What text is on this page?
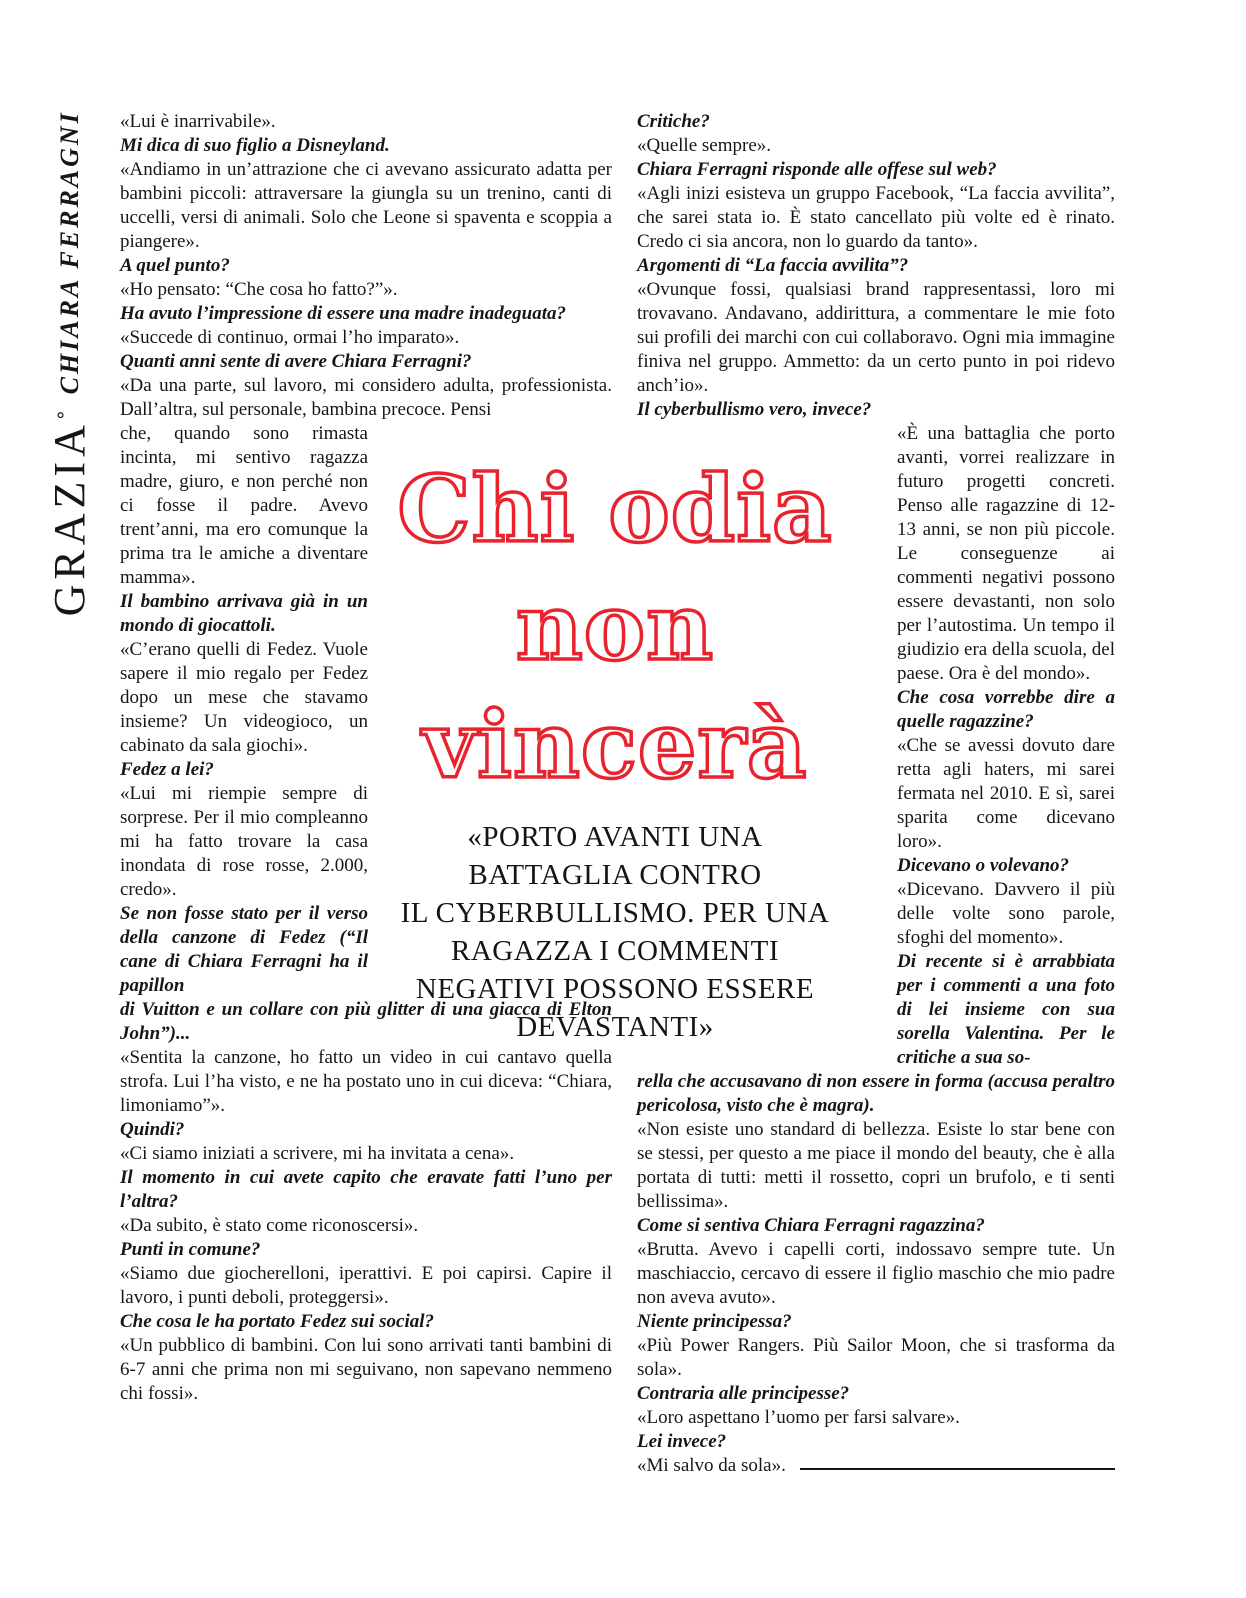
GRAZIA˚CHIARA FERRAGNI	«Lui è inarrivabile».

Mi dica di suo figlio a Disneyland.

«Andiamo in un’attrazione che ci avevano assicurato adatta per bambini piccoli: attraversare la giungla su un trenino, canti di uccelli, versi di animali. Solo che Leone si spaventa e scoppia a piangere».

A quel punto?

«Ho pensato: “Che cosa ho fatto?”».

Ha avuto l’impressione di essere una madre inadeguata?

«Succede di continuo, ormai l’ho imparato».

Quanti anni sente di avere Chiara Ferragni?

«Da una parte, sul lavoro, mi considero adulta, professionista. Dall’altra, sul personale, bambina precoce. Pensi

che, quando sono rimasta incinta, mi sentivo ragazza madre, giuro, e non perché non ci fosse il padre. Avevo trent’anni, ma ero comunque la prima tra le amiche a diventare mamma».

Il bambino arrivava già in un mondo di giocattoli.

«C’erano quelli di Fedez. Vuole sapere il mio regalo per Fedez dopo un mese che stavamo insieme? Un videogioco, un cabinato da sala giochi».

Fedez a lei?

«Lui mi riempie sempre di sorprese. Per il mio compleanno mi ha fatto trovare la casa inondata di rose rosse, 2.000, credo».

Se non fosse stato per il verso della canzone di Fedez (“Il cane di Chiara Ferragni ha il papillon

di Vuitton e un collare con più glitter di una giacca di Elton John”)...

«Sentita la canzone, ho fatto un video in cui cantavo quella strofa. Lui l’ha visto, e ne ha postato uno in cui diceva: “Chiara, limoniamo”».

Quindi?

«Ci siamo iniziati a scrivere, mi ha invitata a cena».

Il momento in cui avete capito che eravate fatti l’uno per l’altra?

«Da subito, è stato come riconoscersi».

Punti in comune?

«Siamo due giocherelloni, iperattivi. E poi capirsi. Capire il lavoro, i punti deboli, proteggersi».

Che cosa le ha portato Fedez sui social?

«Un pubblico di bambini. Con lui sono arrivati tanti bambini di 6-7 anni che prima non mi seguivano, non sapevano nemmeno chi fossi».

Chi odia
non
vincerà
«PORTO AVANTI UNA
BATTAGLIA CONTRO
IL CYBERBULLISMO. PER UNA
RAGAZZA I COMMENTI
NEGATIVI POSSONO ESSERE
DEVASTANTI»

Critiche?

«Quelle sempre».

Chiara Ferragni risponde alle offese sul web?

«Agli inizi esisteva un gruppo Facebook, “La faccia avvilita”, che sarei stata io. È stato cancellato più volte ed è rinato. Credo ci sia ancora, non lo guardo da tanto».

Argomenti di “La faccia avvilita”?

«Ovunque fossi, qualsiasi brand rappresentassi, loro mi trovavano. Andavano, addirittura, a commentare le mie foto sui profili dei marchi con cui collaboravo. Ogni mia immagine finiva nel gruppo. Ammetto: da un certo punto in poi ridevo anch’io».

Il cyberbullismo vero, invece?

«È una battaglia che porto avanti, vorrei realizzare in futuro progetti concreti. Penso alle ragazzine di 12-13 anni, se non più piccole. Le conseguenze ai commenti negativi possono essere devastanti, non solo per l’autostima. Un tempo il giudizio era della scuola, del paese. Ora è del mondo».

Che cosa vorrebbe dire a quelle ragazzine?

«Che se avessi dovuto dare retta agli haters, mi sarei fermata nel 2010. E sì, sarei sparita come dicevano loro».

Dicevano o volevano?

«Dicevano. Davvero il più delle volte sono parole, sfoghi del momento».

Di recente si è arrabbiata per i commenti a una foto di lei insieme con sua sorella Valentina. Per le critiche a sua so-

rella che accusavano di non essere in forma (accusa peraltro pericolosa, visto che è magra).

«Non esiste uno standard di bellezza. Esiste lo star bene con se stessi, per questo a me piace il mondo del beauty, che è alla portata di tutti: metti il rossetto, copri un brufolo, e ti senti bellissima».

Come si sentiva Chiara Ferragni ragazzina?

«Brutta. Avevo i capelli corti, indossavo sempre tute. Un maschiaccio, cercavo di essere il figlio maschio che mio padre non aveva avuto».

Niente principessa?

«Più Power Rangers. Più Sailor Moon, che si trasforma da sola».

Contraria alle principesse?

«Loro aspettano l’uomo per farsi salvare».

Lei invece?

«Mi salvo da sola».
